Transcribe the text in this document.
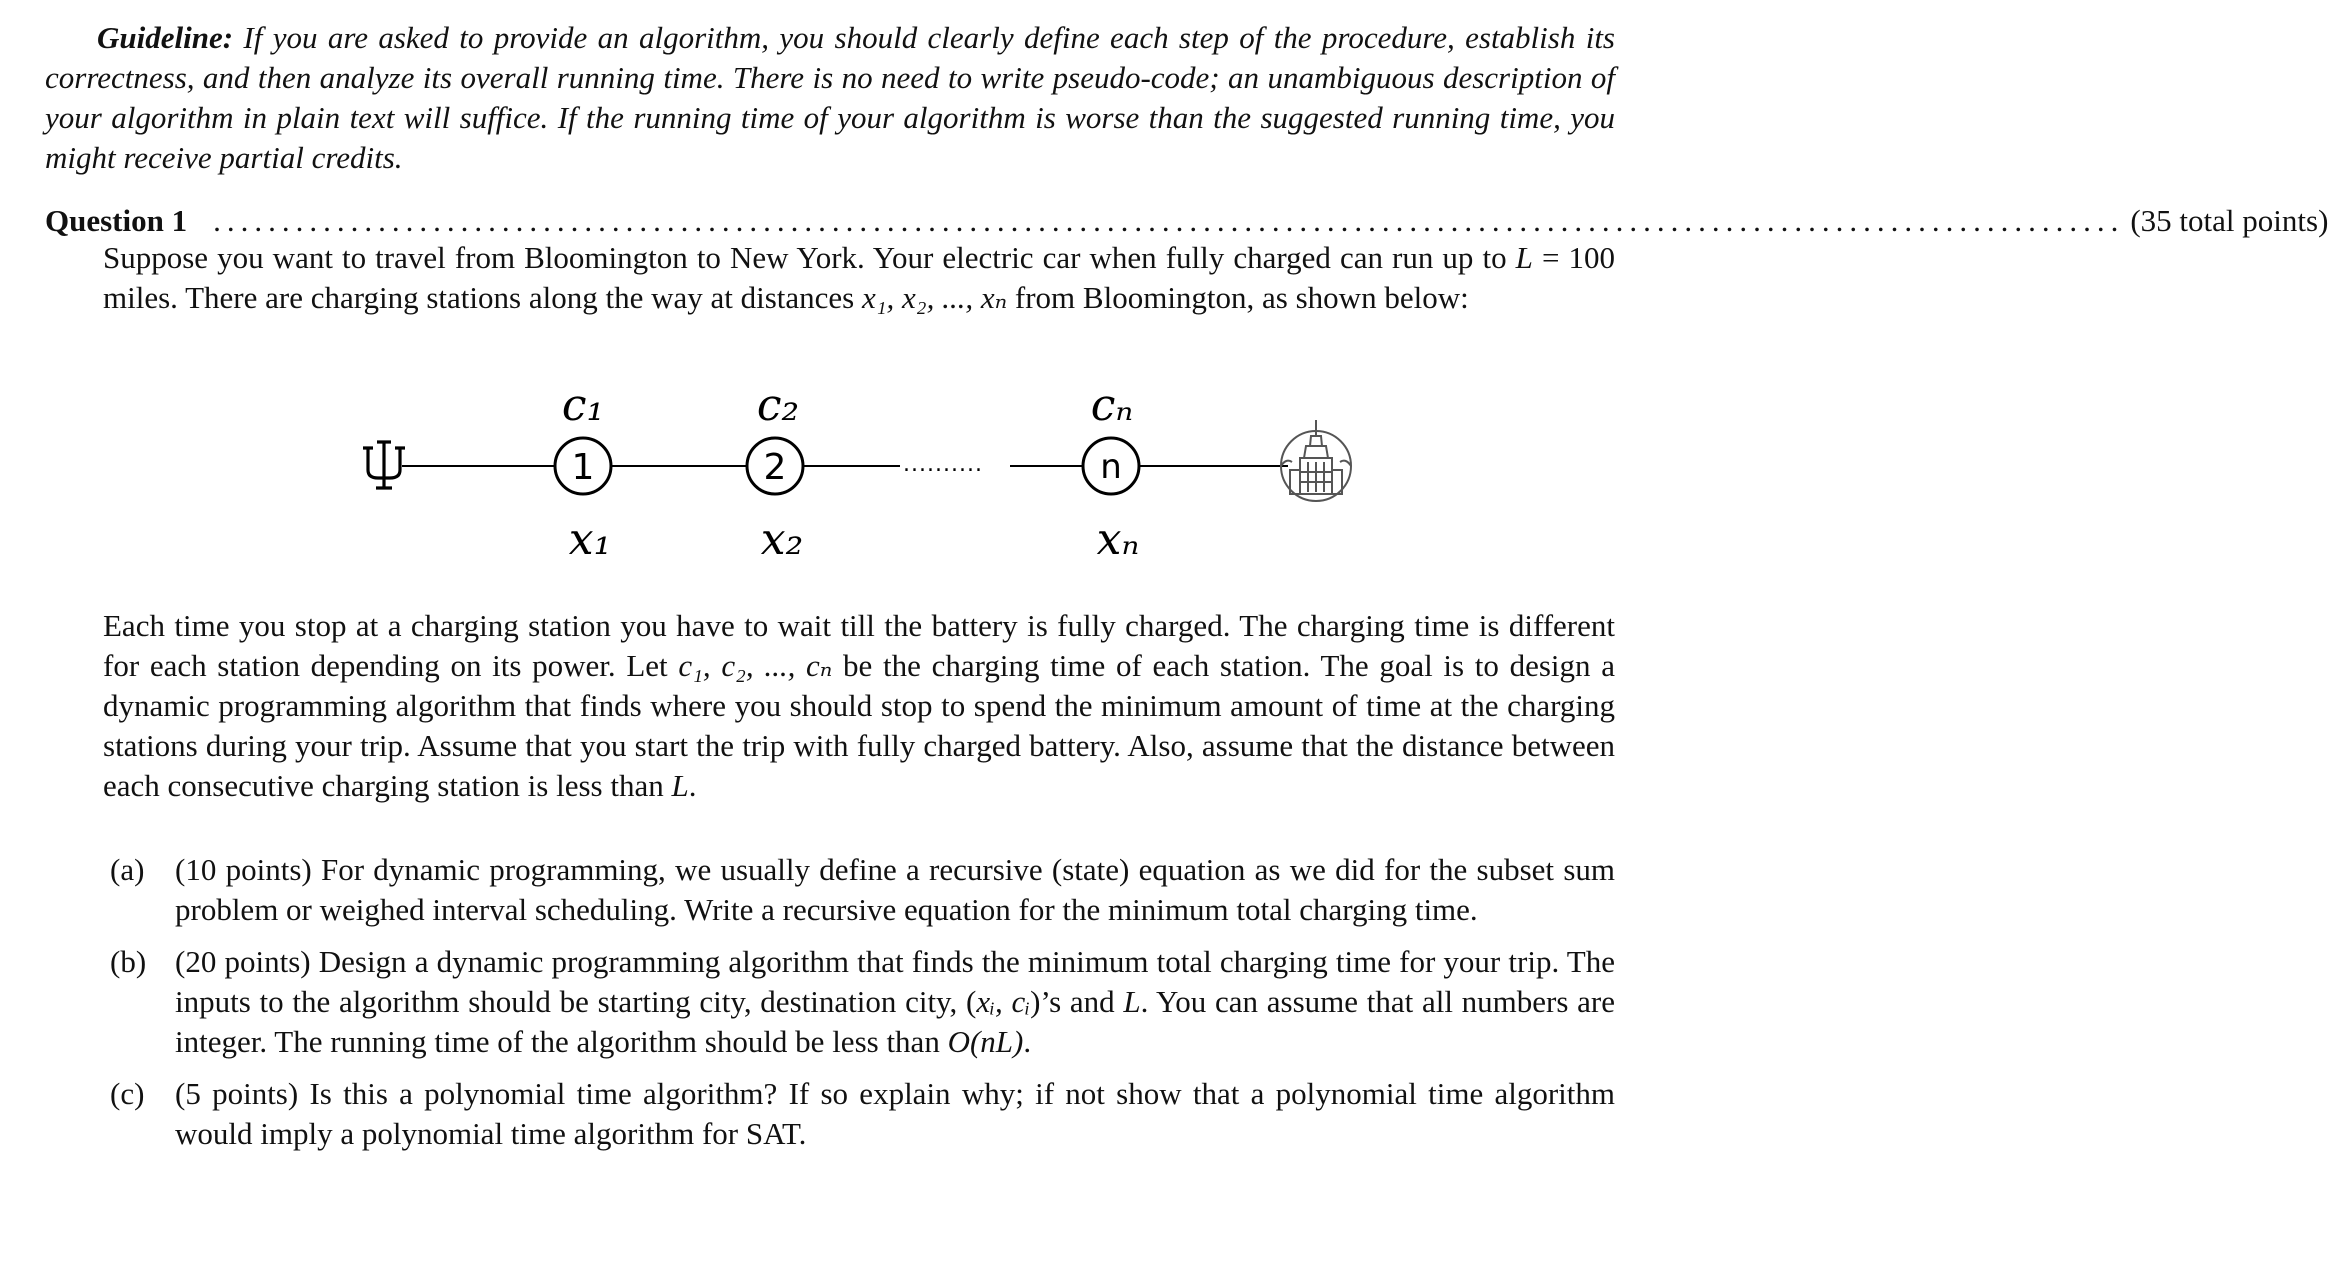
Guideline: If you are asked to provide an algorithm, you should clearly define each step of the procedure, establish its correctness, and then analyze its overall running time. There is no need to write pseudo-code; an unambiguous description of your algorithm in plain text will suffice. If the running time of your algorithm is worse than the suggested running time, you might receive partial credits.

Question 1 ........................................................................................................................................... (35 total points)

Suppose you want to travel from Bloomington to New York. Your electric car when fully charged can run up to L = 100 miles. There are charging stations along the way at distances x₁, x₂, ..., xₙ from Bloomington, as shown below:

..........
1
c₁
x₁
2
c₂
x₂
n
cₙ
xₙ

Each time you stop at a charging station you have to wait till the battery is fully charged. The charging time is different for each station depending on its power. Let c₁, c₂, ..., cₙ be the charging time of each station. The goal is to design a dynamic programming algorithm that finds where you should stop to spend the minimum amount of time at the charging stations during your trip. Assume that you start the trip with fully charged battery. Also, assume that the distance between each consecutive charging station is less than L.

(a) (10 points) For dynamic programming, we usually define a recursive (state) equation as we did for the subset sum problem or weighed interval scheduling. Write a recursive equation for the minimum total charging time.
(b) (20 points) Design a dynamic programming algorithm that finds the minimum total charging time for your trip. The inputs to the algorithm should be starting city, destination city, (xᵢ, cᵢ)’s and L. You can assume that all numbers are integer. The running time of the algorithm should be less than O(nL).
(c) (5 points) Is this a polynomial time algorithm? If so explain why; if not show that a polynomial time algorithm would imply a polynomial time algorithm for SAT.
